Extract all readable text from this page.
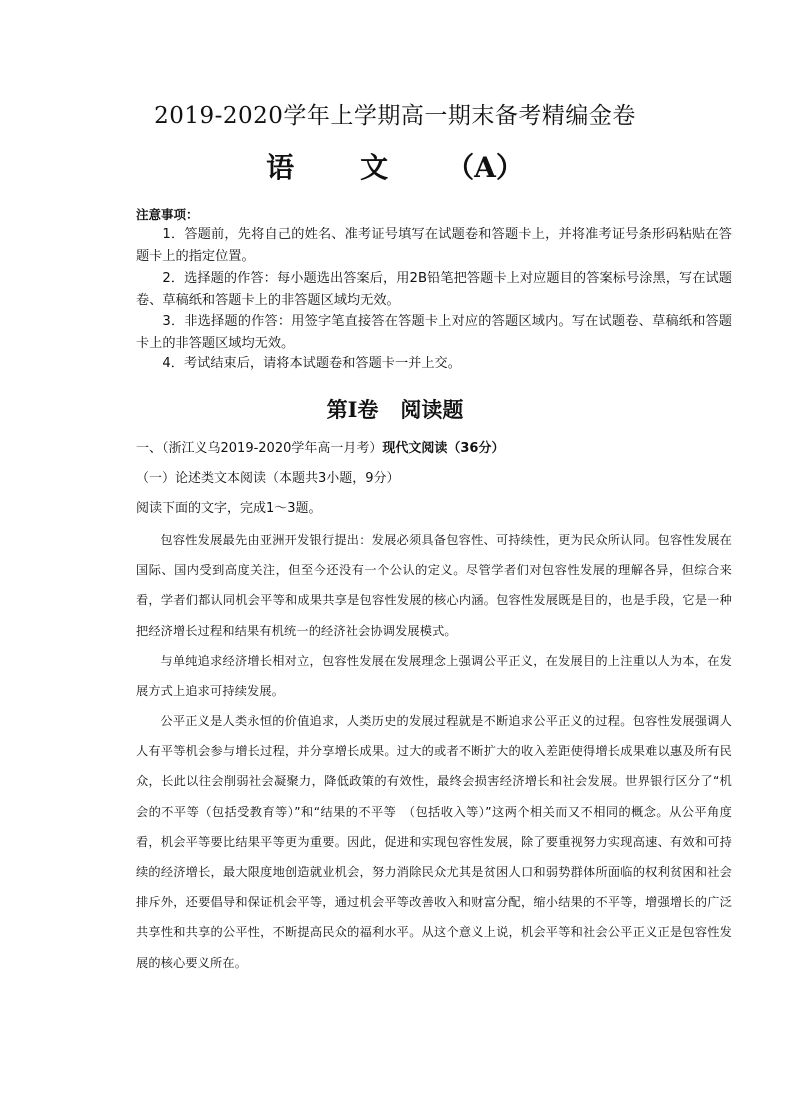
2019-2020学年上学期高一期末备考精编金卷
语 文 （A）
注意事项：
1．答题前，先将自己的姓名、准考证号填写在试题卷和答题卡上，并将准考证号条形码粘贴在答题卡上的指定位置。
2．选择题的作答：每小题选出答案后，用2B铅笔把答题卡上对应题目的答案标号涂黑，写在试题卷、草稿纸和答题卡上的非答题区域均无效。
3．非选择题的作答：用签字笔直接答在答题卡上对应的答题区域内。写在试题卷、草稿纸和答题卡上的非答题区域均无效。
4．考试结束后，请将本试题卷和答题卡一并上交。
第Ⅰ卷 阅读题
一、（浙江义乌2019-2020学年高一月考）现代文阅读（36分）
（一）论述类文本阅读（本题共3小题，9分）
阅读下面的文字，完成1～3题。
包容性发展最先由亚洲开发银行提出：发展必须具备包容性、可持续性，更为民众所认同。包容性发展在国际、国内受到高度关注，但至今还没有一个公认的定义。尽管学者们对包容性发展的理解各异，但综合来看，学者们都认同机会平等和成果共享是包容性发展的核心内涵。包容性发展既是目的，也是手段，它是一种把经济增长过程和结果有机统一的经济社会协调发展模式。
与单纯追求经济增长相对立，包容性发展在发展理念上强调公平正义，在发展目的上注重以人为本，在发展方式上追求可持续发展。
公平正义是人类永恒的价值追求，人类历史的发展过程就是不断追求公平正义的过程。包容性发展强调人人有平等机会参与增长过程，并分享增长成果。过大的或者不断扩大的收入差距使得增长成果难以惠及所有民众，长此以往会削弱社会凝聚力，降低政策的有效性，最终会损害经济增长和社会发展。世界银行区分了“机会的不平等（包括受教育等）”和“结果的不平等　（包括收入等）”这两个相关而又不相同的概念。从公平角度看，机会平等要比结果平等更为重要。因此，促进和实现包容性发展，除了要重视努力实现高速、有效和可持续的经济增长，最大限度地创造就业机会，努力消除民众尤其是贫困人口和弱势群体所面临的权利贫困和社会排斥外，还要倡导和保证机会平等，通过机会平等改善收入和财富分配，缩小结果的不平等，增强增长的广泛共享性和共享的公平性，不断提高民众的福利水平。从这个意义上说，机会平等和社会公平正义正是包容性发展的核心要义所在。
